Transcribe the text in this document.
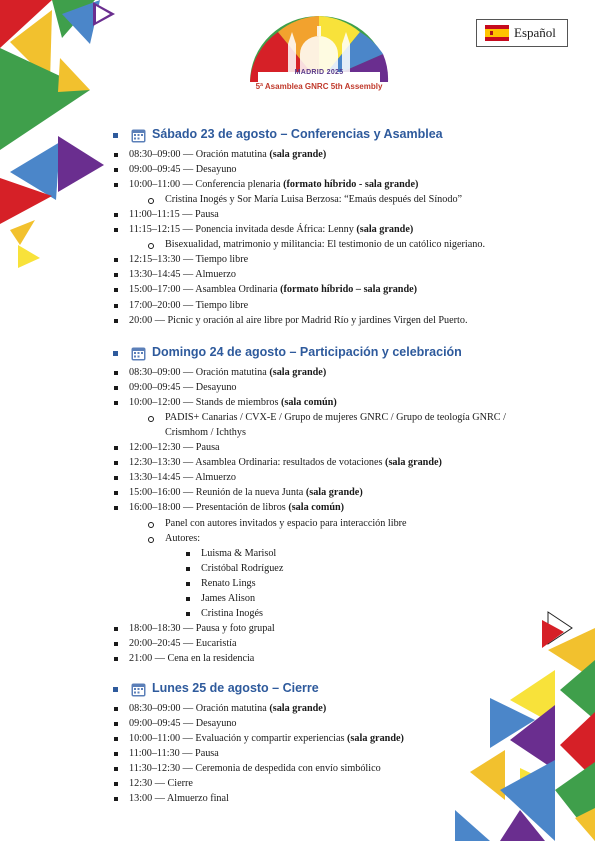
MADRID 2025
5ª Asamblea GNRC 5th Assembly
Español
Sábado 23 de agosto – Conferencias y Asamblea
08:30–09:00 — Oración matutina (sala grande)
09:00–09:45 — Desayuno
10:00–11:00 — Conferencia plenaria (formato híbrido - sala grande)
Cristina Inogés y Sor María Luisa Berzosa: “Emaús después del Sínodo”
11:00–11:15 — Pausa
11:15–12:15 — Ponencia invitada desde África: Lenny (sala grande)
Bisexualidad, matrimonio y militancia: El testimonio de un católico nigeriano.
12:15–13:30 — Tiempo libre
13:30–14:45 — Almuerzo
15:00–17:00 — Asamblea Ordinaria (formato híbrido – sala grande)
17:00–20:00 — Tiempo libre
20:00 — Picnic y oración al aire libre por Madrid Río y jardines Virgen del Puerto.
Domingo 24 de agosto – Participación y celebración
08:30–09:00 — Oración matutina (sala grande)
09:00–09:45 — Desayuno
10:00–12:00 — Stands de miembros (sala común)
PADIS+ Canarias / CVX-E / Grupo de mujeres GNRC / Grupo de teología GNRC /
Crismhom / Ichthys
12:00–12:30 — Pausa
12:30–13:30 — Asamblea Ordinaria: resultados de votaciones (sala grande)
13:30–14:45 — Almuerzo
15:00–16:00 — Reunión de la nueva Junta (sala grande)
16:00–18:00 — Presentación de libros (sala común)
Panel con autores invitados y espacio para interacción libre
Autores:
Luisma & Marisol
Cristóbal Rodríguez
Renato Lings
James Alison
Cristina Inogés
18:00–18:30 — Pausa y foto grupal
20:00–20:45 — Eucaristía
21:00 — Cena en la residencia
Lunes 25 de agosto – Cierre
08:30–09:00 — Oración matutina (sala grande)
09:00–09:45 — Desayuno
10:00–11:00 — Evaluación y compartir experiencias (sala grande)
11:00–11:30 — Pausa
11:30–12:30 — Ceremonia de despedida con envío simbólico
12:30 — Cierre
13:00 — Almuerzo final
